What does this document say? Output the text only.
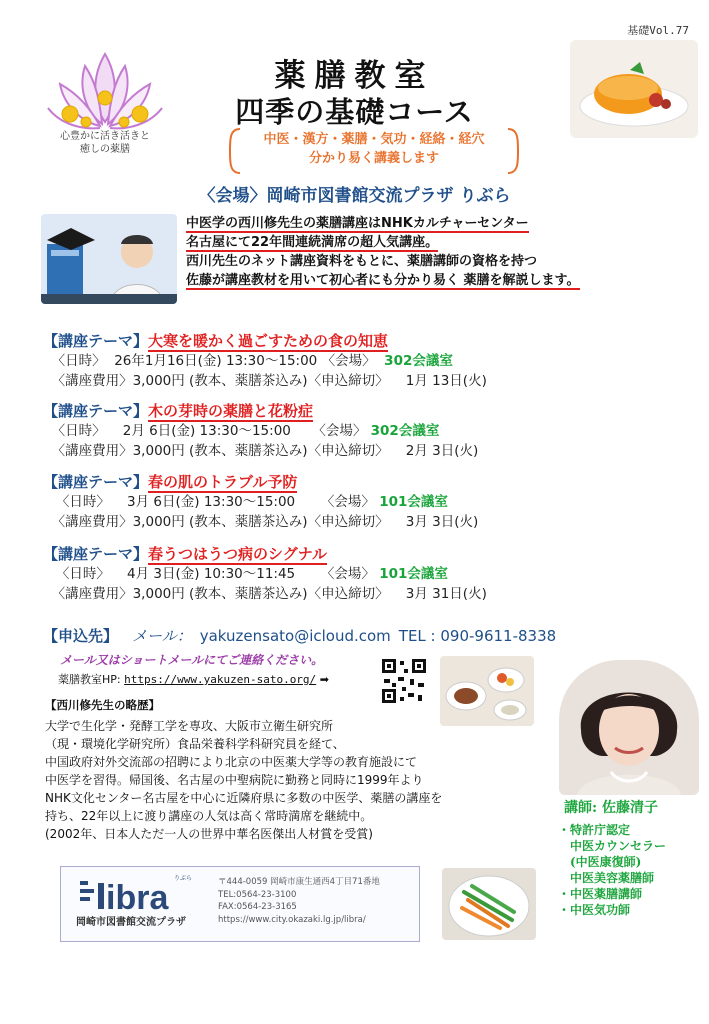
基礎Vol.77
心豊かに活き活きと
癒しの薬膳
薬膳教室
四季の基礎コース
中医・漢方・薬膳・気功・経絡・経穴
分かり易く講義します
〈会場〉岡崎市図書館交流プラザ りぶら
中医学の西川修先生の薬膳講座はNHKカルチャーセンター
名古屋にて22年間連続満席の超人気講座。
西川先生のネット講座資料をもとに、薬膳講師の資格を持つ
佐藤が講座教材を用いて初心者にも分かり易く 薬膳を解説します。
【講座テーマ】大寒を暖かく過ごすための食の知恵
〈日時〉 26年1月16日(金) 13:30～15:00 〈会場〉 302会議室
〈講座費用〉3,000円 (教本、薬膳茶込み)〈申込締切〉 1月 13日(火)
【講座テーマ】木の芽時の薬膳と花粉症
〈日時〉 2月 6日(金) 13:30～15:00 〈会場〉 302会議室
〈講座費用〉3,000円 (教本、薬膳茶込み)〈申込締切〉 2月 3日(火)
【講座テーマ】春の肌のトラブル予防
〈日時〉 3月 6日(金) 13:30～15:00 〈会場〉 101会議室
〈講座費用〉3,000円 (教本、薬膳茶込み)〈申込締切〉 3月 3日(火)
【講座テーマ】春うつはうつ病のシグナル
〈日時〉 4月 3日(金) 10:30～11:45 〈会場〉 101会議室
〈講座費用〉3,000円 (教本、薬膳茶込み)〈申込締切〉 3月 31日(火)
【申込先】 メール： yakuzensato@icloud.com TEL : 090-9611-8338
メール又はショートメールにてご連絡ください。
薬膳教室HP: https://www.yakuzen-sato.org/ ➡
【西川修先生の略歴】
大学で生化学・発酵工学を専攻、大阪市立衛生研究所
（現・環境化学研究所）食品栄養科学科研究員を経て、
中国政府対外交流部の招聘により北京の中医薬大学等の教育施設にて
中医学を習得。帰国後、名古屋の中聖病院に勤務と同時に1999年より
NHK文化センター名古屋を中心に近隣府県に多数の中医学、薬膳の講座を
持ち、22年以上に渡り講座の人気は高く常時満席を継続中。
(2002年、日本人ただ一人の世界中華名医傑出人材賞を受賞)
講師: 佐藤清子
・特許庁認定
　中医カウンセラー
　(中医康復師)
　中医美容薬膳師
・中医薬膳講師
・中医気功師
ibra りぶら
岡崎市図書館交流プラザ
〒444-0059 岡崎市康生通西4丁目71番地
TEL:0564-23-3100
FAX:0564-23-3165
https://www.city.okazaki.lg.jp/libra/
